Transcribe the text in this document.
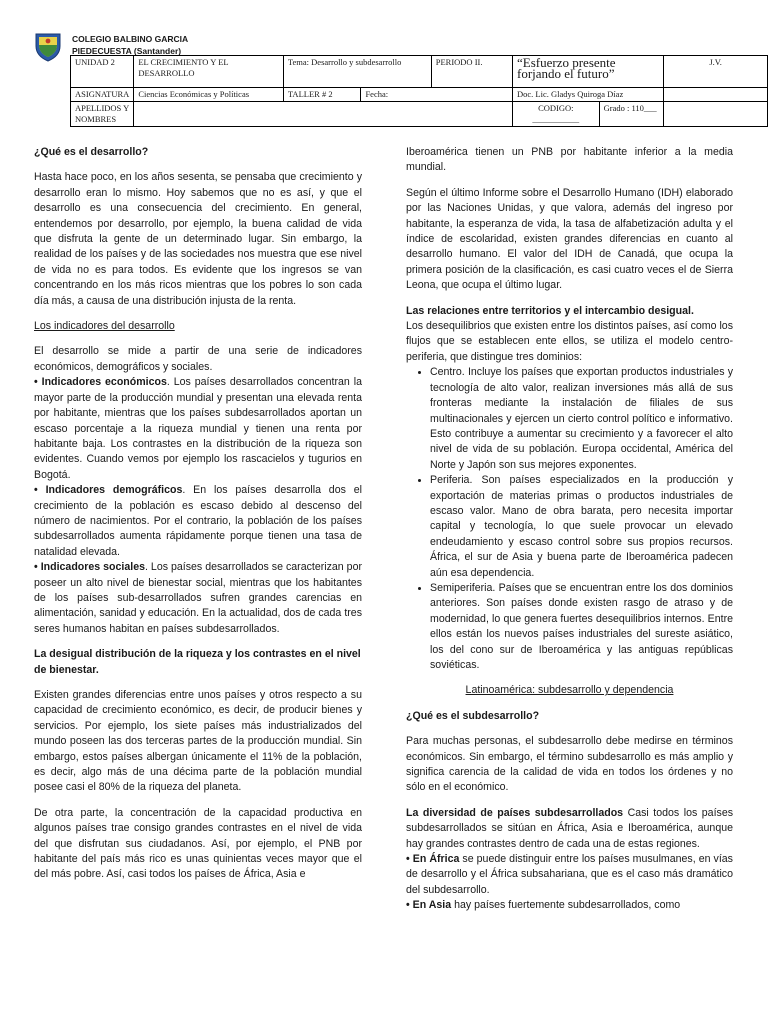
COLEGIO BALBINO GARCIA
PIEDECUESTA (Santander)
UNIDAD 2	EL CRECIMIENTO Y EL DESARROLLO	Tema: Desarrollo y subdesarrollo		PERIODO II.	“Esfuerzo presente forjando el futuro”		J.V.
ASIGNATURA	Ciencias Económicas y Políticas	TALLER # 2	Fecha:		Doc. Lic. Gladys Quiroga Díaz		
APELLIDOS Y NOMBRES					CODIGO: ___________	Grado : 110___	
¿Qué es el desarrollo?

Hasta hace poco, en los años sesenta, se pensaba que crecimiento y desarrollo eran lo mismo. Hoy sabemos que no es así, y que el desarrollo es una consecuencia del crecimiento. En general, entendemos por desarrollo, por ejemplo, la buena calidad de vida que disfruta la gente de un determinado lugar. Sin embargo, la realidad de los países y de las sociedades nos muestra que ese nivel de vida no es para todos. Es evidente que los ingresos se van concentrando en los más ricos mientras que los pobres lo son cada día más, a causa de una distribución injusta de la renta.

Los indicadores del desarrollo

El desarrollo se mide a partir de una serie de indicadores económicos, demográficos y sociales.

• Indicadores económicos. Los países desarrollados concentran la mayor parte de la producción mundial y presentan una elevada renta por habitante, mientras que los países subdesarrollados aportan un escaso porcentaje a la riqueza mundial y tienen una renta por habitante baja. Los contrastes en la distribución de la riqueza son evidentes. Cuando vemos por ejemplo los rascacielos y tugurios en Bogotá.

• Indicadores demográficos. En los países desarrolla dos el crecimiento de la población es escaso debido al descenso del número de nacimientos. Por el contrario, la población de los países subdesarrollados aumenta rápidamente porque tienen una tasa de natalidad elevada.

• Indicadores sociales. Los países desarrollados se caracterizan por poseer un alto nivel de bienestar social, mientras que los habitantes de los países sub-desarrollados sufren grandes carencias en alimentación, sanidad y educación. En la actualidad, dos de cada tres seres humanos habitan en países subdesarrollados.

La desigual distribución de la riqueza y los contrastes en el nivel de bienestar.

Existen grandes diferencias entre unos países y otros respecto a su capacidad de crecimiento económico, es decir, de producir bienes y servicios. Por ejemplo, los siete países más industrializados del mundo poseen las dos terceras partes de la producción mundial. Sin embargo, estos países albergan únicamente el 11% de la población, es decir, algo más de una décima parte de la población mundial posee casi el 80% de la riqueza del planeta.

De otra parte, la concentración de la capacidad productiva en algunos países trae consigo grandes contrastes en el nivel de vida del que disfrutan sus ciudadanos. Así, por ejemplo, el PNB por habitante del país más rico es unas quinientas veces mayor que el del más pobre. Así, casi todos los países de África, Asia e

Iberoamérica tienen un PNB por habitante inferior a la media mundial.

Según el último Informe sobre el Desarrollo Humano (IDH) elaborado por las Naciones Unidas, y que valora, además del ingreso por habitante, la esperanza de vida, la tasa de alfabetización adulta y el índice de escolaridad, existen grandes diferencias en cuanto al desarrollo humano. El valor del IDH de Canadá, que ocupa la primera posición de la clasificación, es casi cuatro veces el de Sierra Leona, que ocupa el último lugar.

Las relaciones entre territorios y el intercambio desigual.

Los desequilibrios que existen entre los distintos países, así como los flujos que se establecen ente ellos, se utiliza el modelo centro-periferia, que distingue tres dominios:

• Centro. Incluye los países que exportan productos industriales y tecnología de alto valor, realizan inversiones más allá de sus fronteras mediante la instalación de filiales de sus multinacionales y ejercen un cierto control político e informativo. Esto contribuye a aumentar su crecimiento y a favorecer el alto nivel de vida de su población. Europa occidental, América del Norte y Japón son sus mejores exponentes.
• Periferia. Son países especializados en la producción y exportación de materias primas o productos industriales de escaso valor. Mano de obra barata, pero necesita importar capital y tecnología, lo que suele provocar un elevado endeudamiento y escaso control sobre sus propios recursos. África, el sur de Asia y buena parte de Iberoamérica padecen aún esa dependencia.
• Semiperiferia. Países que se encuentran entre los dos dominios anteriores. Son países donde existen rasgo de atraso y de modernidad, lo que genera fuertes desequilibrios internos. Entre ellos están los nuevos países industriales del sureste asiático, los del cono sur de Iberoamérica y las antiguas repúblicas soviéticas.
Latinoamérica: subdesarrollo y dependencia
¿Qué es el subdesarrollo?

Para muchas personas, el subdesarrollo debe medirse en términos económicos. Sin embargo, el término subdesarrollo es más amplio y significa carencia de la calidad de vida en todos los órdenes y no sólo en el económico.

La diversidad de países subdesarrollados Casi todos los países subdesarrollados se sitúan en África, Asia e Iberoamérica, aunque hay grandes contrastes dentro de cada una de estas regiones.

• En África se puede distinguir entre los países musulmanes, en vías de desarrollo y el África subsahariana, que es el caso más dramático del subdesarrollo.

• En Asia hay países fuertemente subdesarrollados, como
